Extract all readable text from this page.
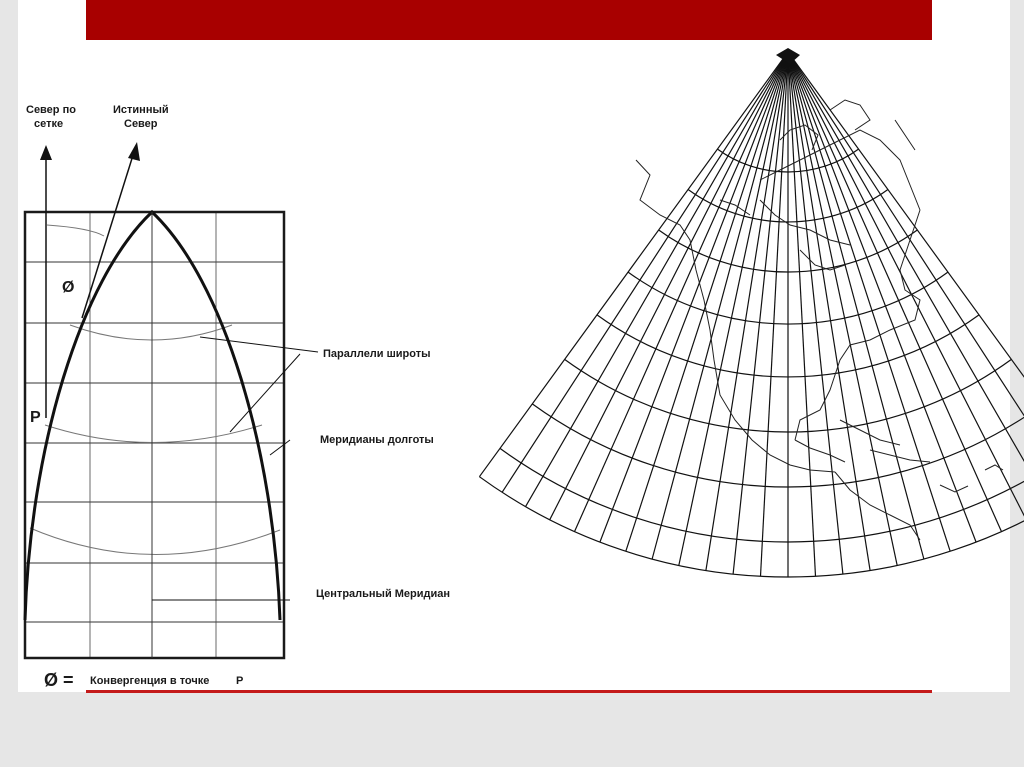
Север по
сетке
Истинный
Север
Ø
P
Параллели широты
Меридианы долготы
Центральный Меридиан
Ø = Конвергенция в точке P
